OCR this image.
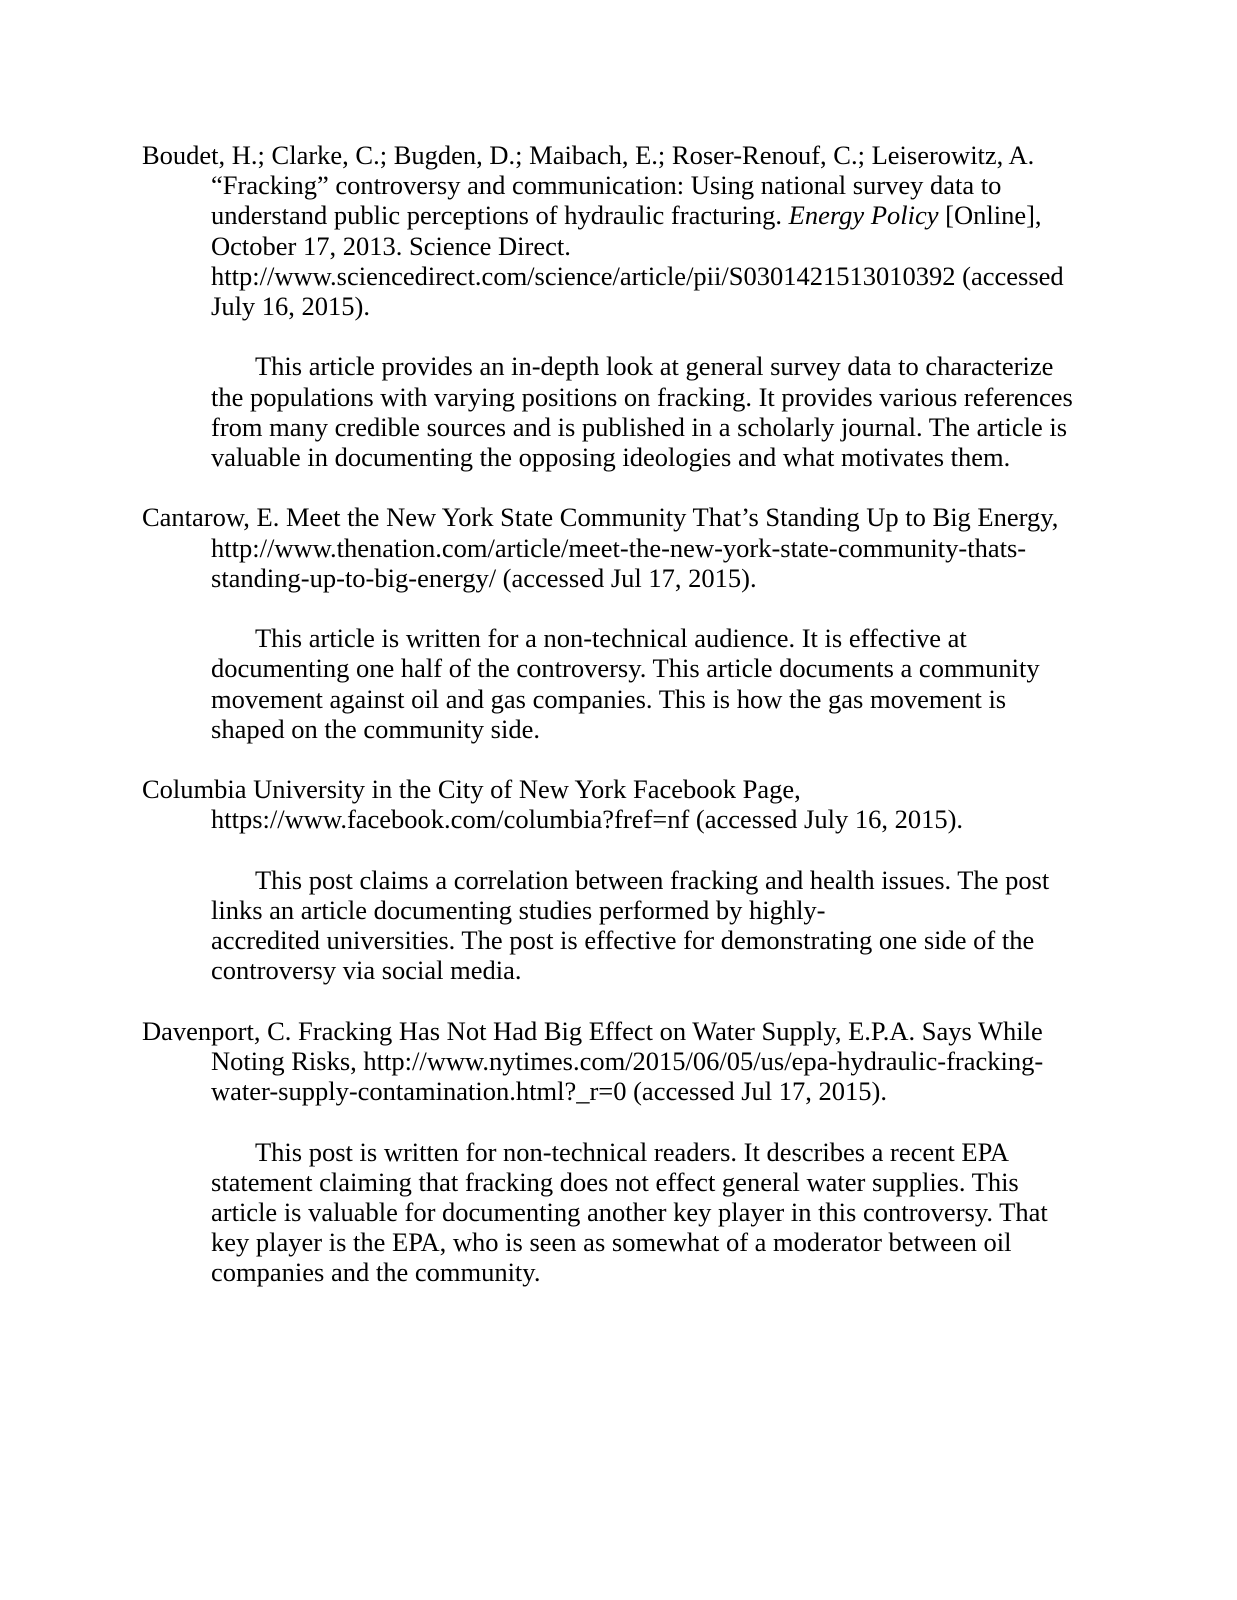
Boudet, H.; Clarke, C.; Bugden, D.; Maibach, E.; Roser-Renouf, C.; Leiserowitz, A. “Fracking” controversy and communication: Using national survey data to understand public perceptions of hydraulic fracturing. Energy Policy [Online], October 17, 2013. Science Direct. http://www.sciencedirect.com/science/article/pii/S0301421513010392 (accessed July 16, 2015).

This article provides an in-depth look at general survey data to characterize the populations with varying positions on fracking. It provides various references from many credible sources and is published in a scholarly journal. The article is valuable in documenting the opposing ideologies and what motivates them.

Cantarow, E. Meet the New York State Community That’s Standing Up to Big Energy, http://www.thenation.com/article/meet-the-new-york-state-community-thats-standing-up-to-big-energy/ (accessed Jul 17, 2015).

This article is written for a non-technical audience. It is effective at documenting one half of the controversy. This article documents a community movement against oil and gas companies. This is how the gas movement is shaped on the community side.

Columbia University in the City of New York Facebook Page, https://www.facebook.com/columbia?fref=nf (accessed July 16, 2015).

This post claims a correlation between fracking and health issues. The post links an article documenting studies performed by highly-
accredited universities. The post is effective for demonstrating one side of the controversy via social media.

Davenport, C. Fracking Has Not Had Big Effect on Water Supply, E.P.A. Says While Noting Risks, http://www.nytimes.com/2015/06/05/us/epa-hydraulic-fracking-water-supply-contamination.html?_r=0 (accessed Jul 17, 2015).

This post is written for non-technical readers. It describes a recent EPA statement claiming that fracking does not effect general water supplies. This article is valuable for documenting another key player in this controversy. That key player is the EPA, who is seen as somewhat of a moderator between oil companies and the community.
